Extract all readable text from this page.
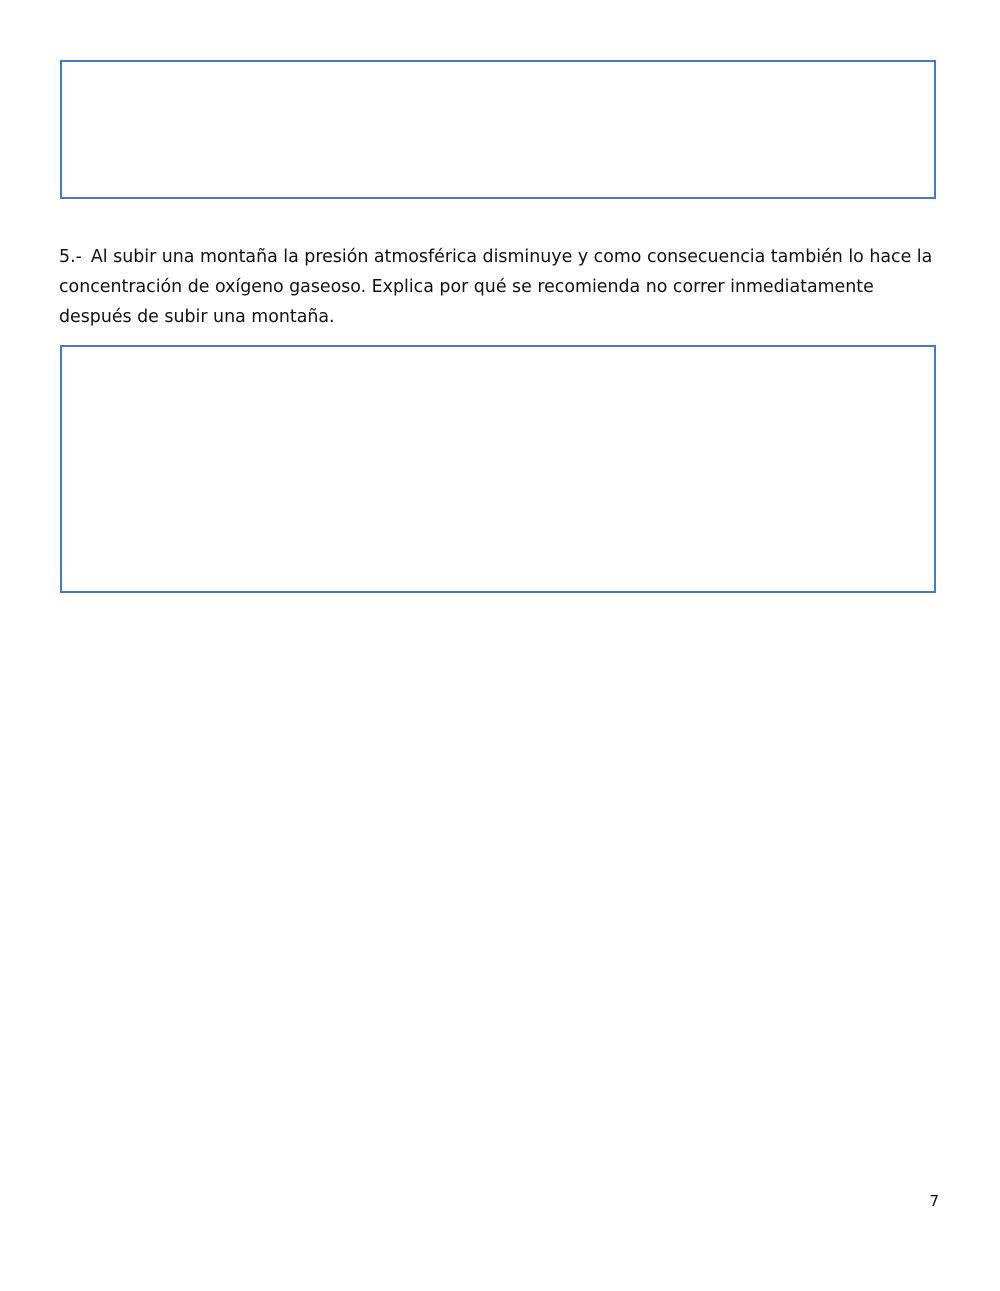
5.- Al subir una montaña la presión atmosférica disminuye y como consecuencia también lo hace la concentración de oxígeno gaseoso. Explica por qué se recomienda no correr inmediatamente después de subir una montaña.

7
